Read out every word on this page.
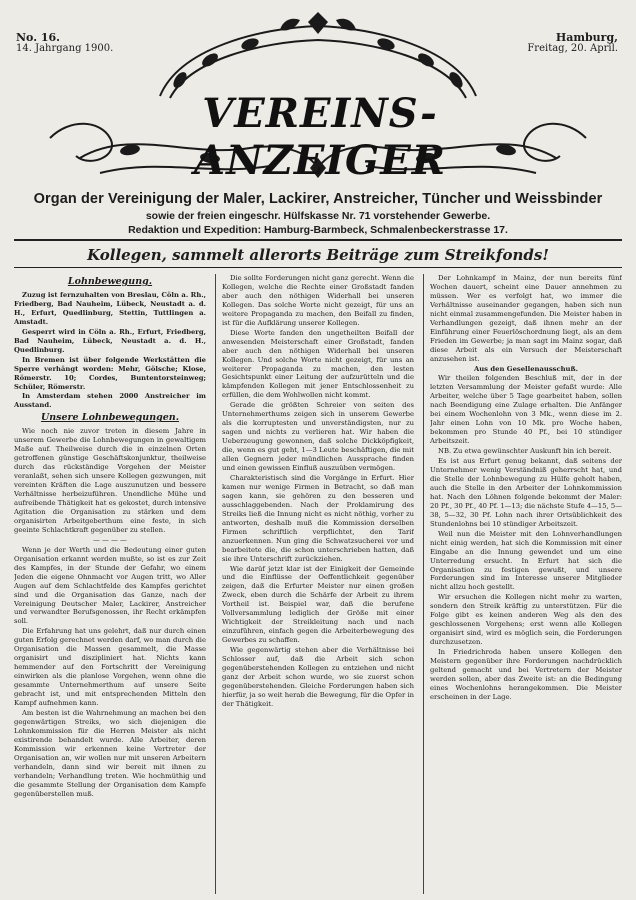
No. 16.
14. Jahrgang 1900.
Hamburg,
Freitag, 20. April.
VEREINS-ANZEIGER
Organ der Vereinigung der Maler, Lackirer, Anstreicher, Tüncher und Weissbinder
sowie der freien eingeschr. Hülfskasse Nr. 71 vorstehender Gewerbe.
Redaktion und Expedition: Hamburg-Barmbeck, Schmalenbeckerstrasse 17.
Kollegen, sammelt allerorts Beiträge zum Streikfonds!

Lohnbewegung.

Zuzug ist fernzuhalten von Breslau, Cöln a. Rh., Friedberg, Bad Nauheim, Lübeck, Neustadt a. d. H., Erfurt, Quedlinburg, Stettin, Tuttlingen a. Amstadt.

Gesperrt wird in Cöln a. Rh., Erfurt, Friedberg, Bad Nauheim, Lübeck, Neustadt a. d. H., Quedlinburg.

In Bremen ist über folgende Werkstätten die Sperre verhängt worden: Mehr, Gölsche; Klose, Römerstr. 10; Cordes, Buntentorsteinweg; Schüler, Römerstr.

In Amsterdam stehen 2000 Anstreicher im Ausstand.

Unsere Lohnbewegungen.

Wie noch nie zuvor treten in diesem Jahre in unserem Gewerbe die Lohnbewegungen in gewaltigem Maße auf. Theilweise durch die in einzelnen Orten getroffenen günstige Geschäftskonjunktur, theilweise durch das rückständige Vorgehen der Meister veranlaßt, sehen sich unsere Kollegen gezwungen, mit vereinten Kräften die Lage auszunutzen und bessere Verhältnisse herbeizuführen. Unendliche Mühe und aufreibende Thätigkeit hat es gekostet, durch intensive Agitation die Organisation zu stärken und dem organisirten Arbeitgeberthum eine feste, in sich geeinte Schlachtkraft gegenüber zu stellen.

— — — —

Wenn je der Werth und die Bedeutung einer guten Organisation erkannt werden mußte, so ist es zur Zeit des Kampfes, in der Stunde der Gefahr, wo einem Jeden die eigene Ohnmacht vor Augen tritt, wo Aller Augen auf dem Schlachtfelde des Kampfes gerichtet sind und die Organisation das Ganze, nach der Vereinigung Deutscher Maler, Lackirer, Anstreicher und verwandter Berufsgenossen, ihr Recht erkämpfen soll.

Die Erfahrung hat uns gelehrt, daß nur durch einen guten Erfolg gerechnet werden darf, wo man durch die Organisation die Massen gesammelt, die Masse organisirt und diszipliniert hat. Nichts kann hemmender auf den Fortschritt der Vereinigung einwirken als die planlose Vorgehen, wenn ohne die gesammte Unternehmerthum auf unsere Seite gebracht ist, und mit entsprechenden Mitteln den Kampf aufnehmen kann.

Am besten ist die Wahrnehmung an machen bei den gegenwärtigen Streiks, wo sich diejenigen die Lohnkommission für die Herren Meister als nicht existirende behandelt wurde. Alle Arbeiter, deren Kommission wir erkennen keine Vertreter der Organisation an, wir wollen nur mit unseren Arbeitern verhandeln, dann sind wir bereit mit ihnen zu verhandeln; Verhandlung treten. Wie hochmüthig und die gesammte Stellung der Organisation dem Kampfe gegenüberstellen muß.

Die sollte Forderungen nicht ganz gerecht. Wenn die Kollegen, welche die Rechte einer Großstadt fanden aber auch den nöthigen Widerhall bei unseren Kollegen. Das solche Worte nicht gezeigt, für uns an weitere Propaganda zu machen, den Beifall zu finden, ist für die Aufklärung unserer Kollegen.

Diese Worte fanden den ungetheilten Beifall der anwesenden Meisterschaft einer Großstadt, fanden aber auch den nöthigen Widerhall bei unseren Kollegen. Und solche Worte nicht gezeigt, für uns an weiterer Propaganda zu machen, den lesten Gesichtspunkt einer Leitung der aufzurütteln und die kämpfenden Kollegen mit jener Entschlossenheit zu erfüllen, die dem Wohlwollen nicht kommt.

Gerade die größten Schreier von seiten des Unternehmerthums zeigen sich in unserem Gewerbe als die korruptesten und unverständigsten, nur zu sagen und nichts zu verlieren hat. Wir haben die Ueberzeugung gewonnen, daß solche Dickköpfigkeit, die, wenn es gut geht, 1—3 Leute beschäftigen, die mit allen Gegnern jeder mündlichen Aussprache finden und einen gewissen Einfluß auszuüben vermögen.

Charakteristisch sind die Vorgänge in Erfurt. Hier kamen nur wenige Firmen in Betracht, so daß man sagen kann, sie gehören zu den besseren und ausschlaggebenden. Nach der Proklamirung des Streiks ließ die Innung nicht es nicht nöthig, vorher zu antworten, deshalb muß die Kommission derselben Firmen schriftlich verpflichtet, den Tarif anzuerkennen. Nun ging die Schwatzsucherei vor und bearbeitete die, die schon unterschrieben hatten, daß sie ihre Unterschrift zurückziehen.

Wie darüf jetzt klar ist der Einigkeit der Gemeinde und die Einflüsse der Oeffentlichkeit gegenüber zeigen, daß die Erfurter Meister nur einen großen Zweck, eben durch die Schärfe der Arbeit zu ihrem Vortheil ist. Beispiel war, daß die berufene Vollversammlung lediglich der Größe mit einer Wichtigkeit der Streikleitung nach und nach einzuführen, einfach gegen die Arbeiterbewegung des Gewerbes zu schaffen.

Wie gegenwärtig stehen aber die Verhältnisse bei Schlosser auf, daß die Arbeit sich schon gegenüberstehenden Kollegen zu entziehen und nicht ganz der Arbeit schon wurde, wo sie zuerst schon gegenüberstehenden. Gleiche Forderungen haben sich hierfür, ja so weit herab die Bewegung, für die Opfer in der Thätigkeit.

Der Lohnkampf in Mainz, der nun bereits fünf Wochen dauert, scheint eine Dauer annehmen zu müssen. Wer es verfolgt hat, wo immer die Verhältnisse auseinander gegangen, haben sich nun nicht einmal zusammengefunden. Die Meister haben in Verhandlungen gezeigt, daß ihnen mehr an der Einführung einer Feuerlöschordnung liegt, als an dem Frieden im Gewerbe; ja man sagt im Mainz sogar, daß diese Arbeit als ein Versuch der Meisterschaft anzusehen ist.

Aus den Gesellenausschuß.

Wir theilen folgenden Beschluß mit, der in der letzten Versammlung der Meister gefaßt wurde: Alle Arbeiter, welche über 5 Tage gearbeitet haben, sollen nach Beendigung eine Zulage erhalten. Die Anfänger bei einem Wochenlohn von 3 Mk., wenn diese im 2. Jahr einen Lohn von 10 Mk. pro Woche haben, bekommen pro Stunde 40 Pf., bei 10 stündiger Arbeitszeit.

NB. Zu etwa gewünschter Auskunft bin ich bereit.

Es ist aus Erfurt genug bekannt, daß seitens der Unternehmer wenig Verständniß geherrscht hat, und die Stelle der Lohnbewegung zu Hülfe geholt haben, auch die Stelle in den Arbeiter der Lohnkommission hat. Nach den Löhnen folgende bekommt der Maler: 20 Pf., 30 Pf., 40 Pf. 1—13; die nächste Stufe 4—15, 5—38, 5—32, 30 Pf. Lohn nach ihrer Ortsüblichkeit des Stundenlohns bei 10 stündiger Arbeitszeit.

Weil nun die Meister mit den Lohnverhandlungen nicht einig werden, hat sich die Kommission mit einer Eingabe an die Innung gewendet und um eine Unterredung ersucht. In Erfurt hat sich die Organisation zu festigen gewußt, und unsere Forderungen sind im Interesse unserer Mitglieder nicht allzu hoch gestellt.

Wir ersuchen die Kollegen nicht mehr zu warten, sondern den Streik kräftig zu unterstützen. Für die Folge gibt es keinen anderen Weg als den des geschlossenen Vorgehens; erst wenn alle Kollegen organisirt sind, wird es möglich sein, die Forderungen durchzusetzen.

In Friedrichroda haben unsere Kollegen den Meistern gegenüber ihre Forderungen nachdrücklich geltend gemacht und bei Vertretern der Meister werden sollen, aber das Zweite ist: an die Bedingung eines Wochenlohns herangekommen. Die Meister erscheinen in der Lage.
